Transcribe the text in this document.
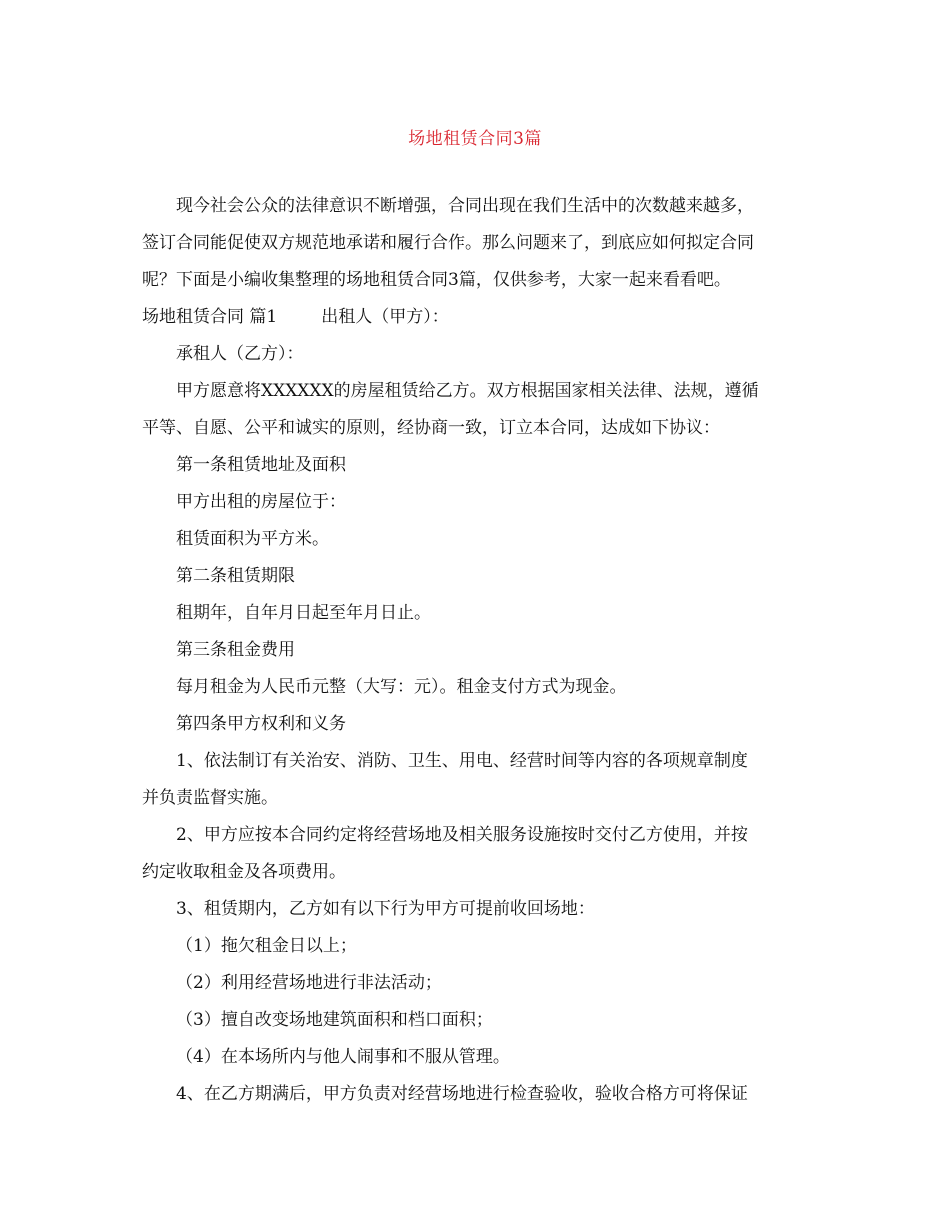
场地租赁合同3篇

现今社会公众的法律意识不断增强，合同出现在我们生活中的次数越来越多，

签订合同能促使双方规范地承诺和履行合作。那么问题来了，到底应如何拟定合同

呢？下面是小编收集整理的场地租赁合同3篇，仅供参考，大家一起来看看吧。

场地租赁合同 篇1	出租人（甲方）：

承租人（乙方）：

甲方愿意将XXXXXX的房屋租赁给乙方。双方根据国家相关法律、法规，遵循

平等、自愿、公平和诚实的原则，经协商一致，订立本合同，达成如下协议：

第一条租赁地址及面积

甲方出租的房屋位于：

租赁面积为平方米。

第二条租赁期限

租期年，自年月日起至年月日止。

第三条租金费用

每月租金为人民币元整（大写：元）。租金支付方式为现金。

第四条甲方权利和义务

1、依法制订有关治安、消防、卫生、用电、经营时间等内容的各项规章制度

并负责监督实施。

2、甲方应按本合同约定将经营场地及相关服务设施按时交付乙方使用，并按

约定收取租金及各项费用。

3、租赁期内，乙方如有以下行为甲方可提前收回场地：

（1）拖欠租金日以上；

（2）利用经营场地进行非法活动；

（3）擅自改变场地建筑面积和档口面积；

（4）在本场所内与他人闹事和不服从管理。

4、在乙方期满后，甲方负责对经营场地进行检查验收，验收合格方可将保证
